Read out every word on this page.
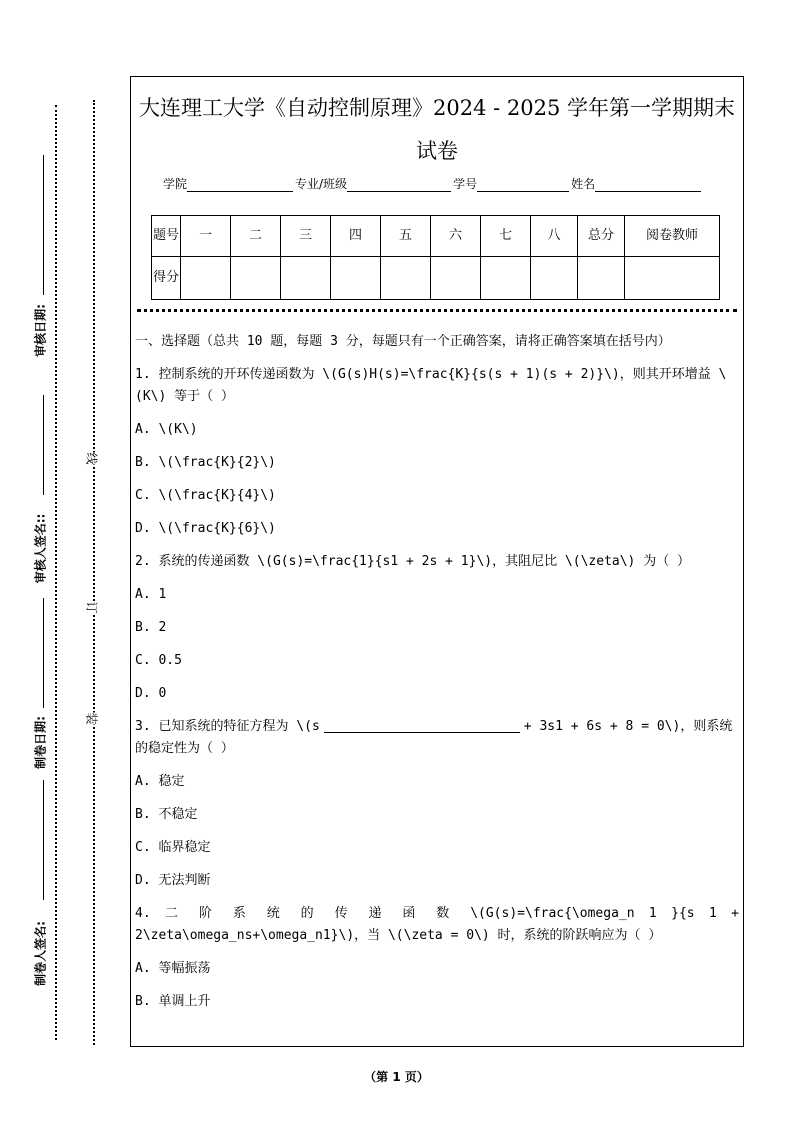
审核日期:
审核人签名::
制卷日期:
制卷人签名:
线
订
装
大连理工大学《自动控制原理》2024 - 2025 学年第一学期期末试卷
学院	专业/班级	学号	姓名
题号	一	二	三	四	五	六	七	八	总分	阅卷教师
得分										

一、选择题（总共 10 题，每题 3 分，每题只有一个正确答案，请将正确答案填在括号内）

1. 控制系统的开环传递函数为 \(G(s)H(s)=\frac{K}{s(s + 1)(s + 2)}\)，则其开环增益 \(K\) 等于（ ）

A. \(K\)

B. \(\frac{K}{2}\)

C. \(\frac{K}{4}\)

D. \(\frac{K}{6}\)

2. 系统的传递函数 \(G(s)=\frac{1}{s1 + 2s + 1}\)，其阻尼比 \(\zeta\) 为（ ）

A. 1

B. 2

C. 0.5

D. 0

3. 已知系统的特征方程为 \(s	+ 3s1 + 6s + 8 = 0\)，则系统的稳定性为（ ）

A. 稳定

B. 不稳定

C. 临界稳定

D. 无法判断

4. 二 阶 系 统 的 传 递 函 数 \(G(s)=\frac{\omega_n 1 }{s 1 +

2\zeta\omega_ns+\omega_n1}\)，当 \(\zeta = 0\) 时，系统的阶跃响应为（ ）

A. 等幅振荡

B. 单调上升

（第 1 页）
